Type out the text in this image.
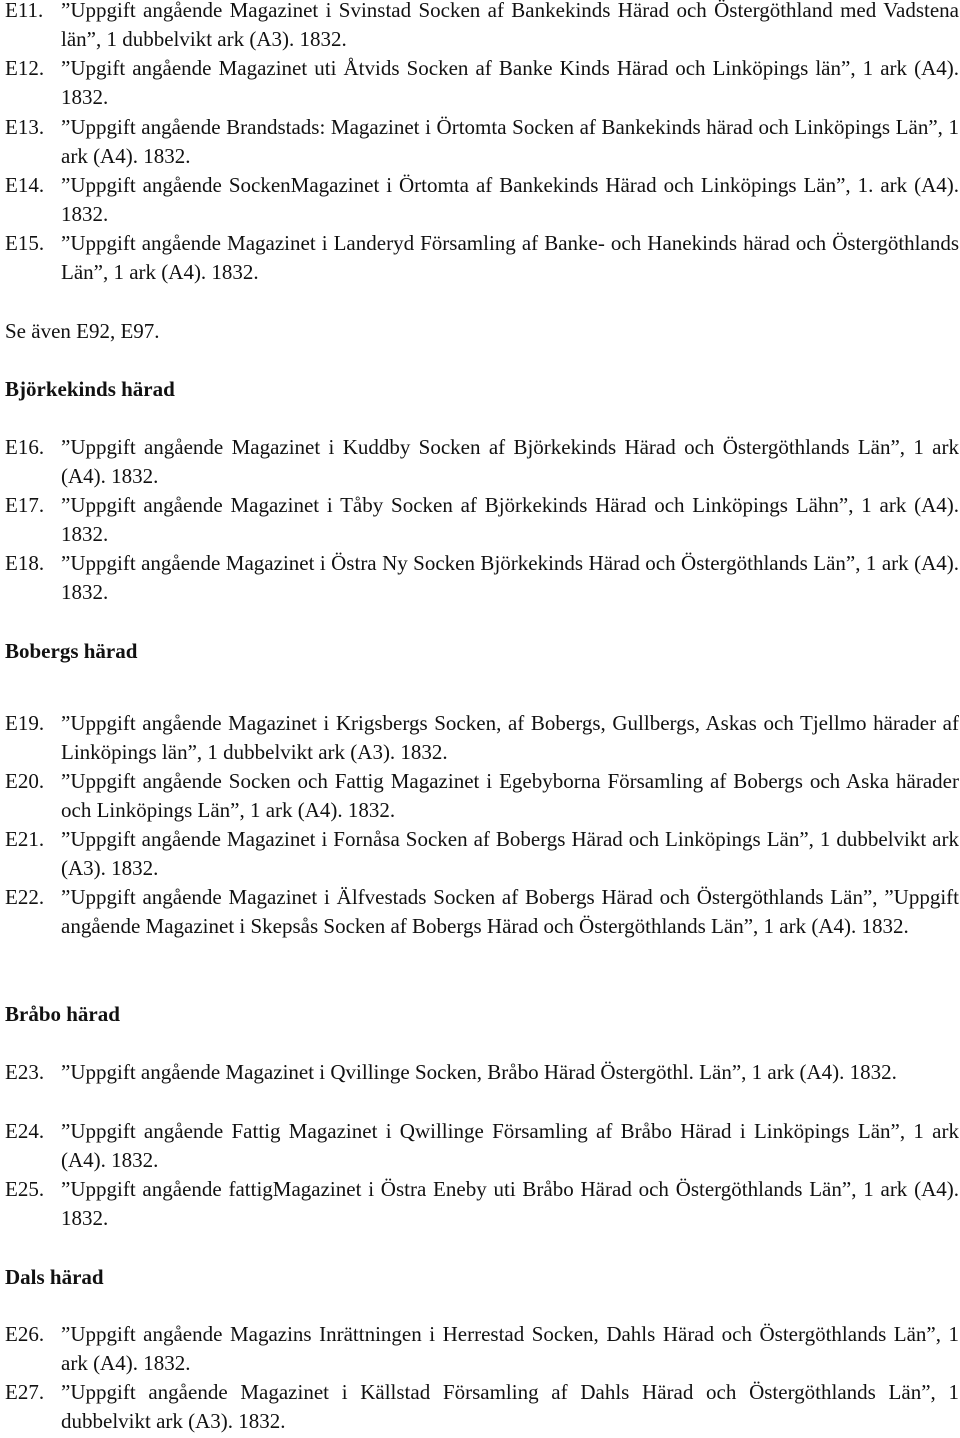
E11. ”Uppgift angående Magazinet i Svinstad Socken af Bankekinds Härad och Östergöthland med Vadstena län”, 1 dubbelvikt ark (A3). 1832.
E12. ”Upgift angående Magazinet uti Åtvids Socken af Banke Kinds Härad och Linköpings län”, 1 ark (A4). 1832.
E13. ”Uppgift angående Brandstads: Magazinet i Örtomta Socken af Bankekinds härad och Linköpings Län”, 1 ark (A4). 1832.
E14. ”Uppgift angående SockenMagazinet i Örtomta af Bankekinds Härad och Linköpings Län”, 1. ark (A4). 1832.
E15. ”Uppgift angående Magazinet i Landeryd Församling af Banke- och Hanekinds härad och Östergöthlands Län”, 1 ark (A4). 1832.
Se även E92, E97.
Björkekinds härad
E16. ”Uppgift angående Magazinet i Kuddby Socken af Björkekinds Härad och Östergöthlands Län”, 1 ark (A4). 1832.
E17. ”Uppgift angående Magazinet i Tåby Socken af Björkekinds Härad och Linköpings Lähn”, 1 ark (A4). 1832.
E18. ”Uppgift angående Magazinet i Östra Ny Socken Björkekinds Härad och Östergöthlands Län”, 1 ark (A4). 1832.
Bobergs härad
E19. ”Uppgift angående Magazinet i Krigsbergs Socken, af Bobergs, Gullbergs, Askas och Tjellmo härader af Linköpings län”, 1 dubbelvikt ark (A3). 1832.
E20. ”Uppgift angående Socken och Fattig Magazinet i Egebyborna Församling af Bobergs och Aska härader och Linköpings Län”, 1 ark (A4). 1832.
E21. ”Uppgift angående Magazinet i Fornåsa Socken af Bobergs Härad och Linköpings Län”, 1 dubbelvikt ark (A3). 1832.
E22. ”Uppgift angående Magazinet i Älfvestads Socken af Bobergs Härad och Östergöthlands Län”, ”Uppgift angående Magazinet i Skepsås Socken af Bobergs Härad och Östergöthlands Län”, 1 ark (A4). 1832.
Bråbo härad
E23. ”Uppgift angående Magazinet i Qvillinge Socken, Bråbo Härad Östergöthl. Län”, 1 ark (A4). 1832.
E24. ”Uppgift angående Fattig Magazinet i Qwillinge Församling af Bråbo Härad i Linköpings Län”, 1 ark (A4). 1832.
E25. ”Uppgift angående fattigMagazinet i Östra Eneby uti Bråbo Härad och Östergöthlands Län”, 1 ark (A4). 1832.
Dals härad
E26. ”Uppgift angående Magazins Inrättningen i Herrestad Socken, Dahls Härad och Östergöthlands Län”, 1 ark (A4). 1832.
E27. ”Uppgift angående Magazinet i Källstad Församling af Dahls Härad och Östergöthlands Län”, 1 dubbelvikt ark (A3). 1832.
